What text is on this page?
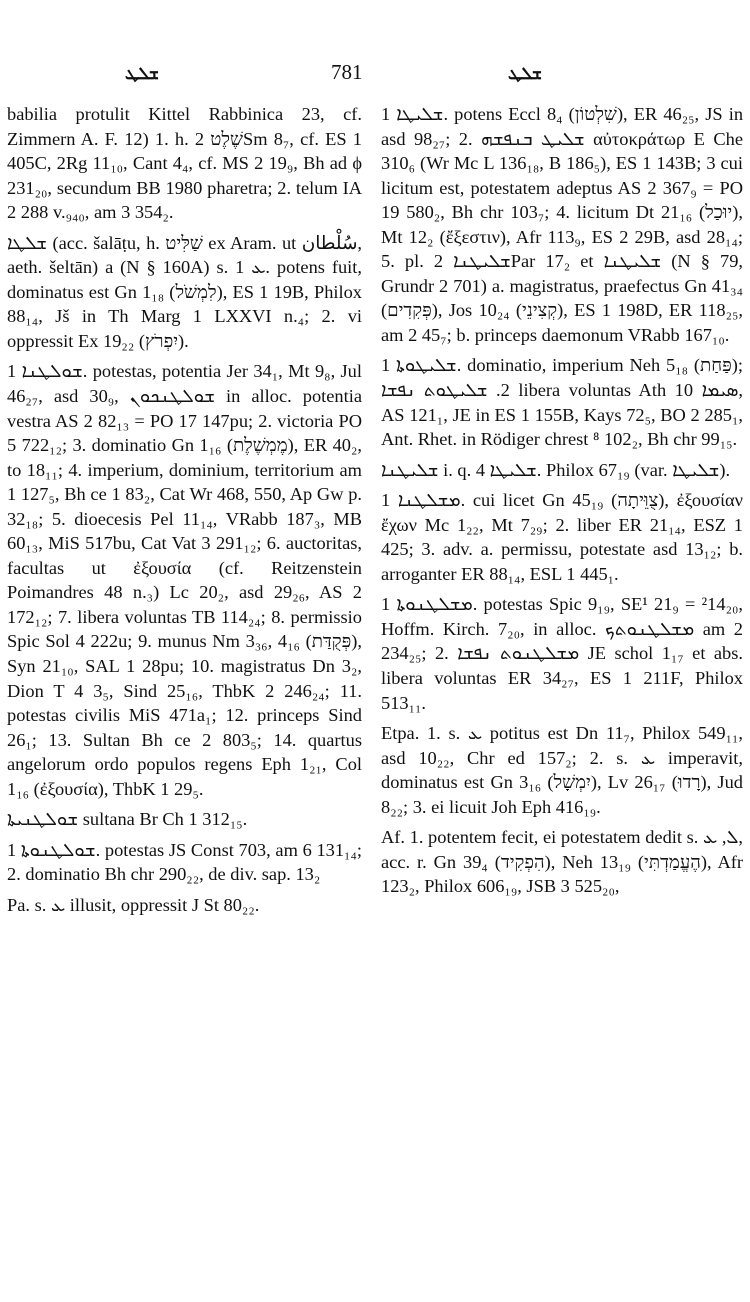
ܫܠܛ	781	ܫܠܛ

babilia protulit Kittel Rabbinica 23, cf. Zimmern A. F. 12) 1. h. שֶׁלֶט 2Sm 8₇, cf. ES 1 405C, 2Rg 11₁₀, Cant 4₄, cf. MS 2 19₉, Bh ad ϕ 231₂₀, secundum BB 1980 pharetra; 2. telum IA 2 288 v.₉₄₀, am 3 354₂.

ܫܠܛܐ (acc. šalāṭu, h. שַׁלִּיט ex Aram. ut سُلْطان, aeth. šeltān) a (N § 160A) s. ܥ 1. potens fuit, dominatus est Gn 1₁₈ (לִמְשֹׁל), ES 1 19B, Philox 88₁₄, Jš in Th Marg 1 LXXVI n.₄; 2. vi oppressit Ex 19₂₂ (יִפְרֹץ).

ܫܘܠܛܢܐ 1. potestas, potentia Jer 34₁, Mt 9₈, Jul 46₂₇, asd 30₉, ܫܘܠܛܢܟܘܢ in alloc. potentia vestra AS 2 82₁₃ = PO 17 147pu; 2. victoria PO 5 722₁₂; 3. dominatio Gn 1₁₆ (מֶמְשֶׁלֶת), ER 40₂, to 18₁₁; 4. imperium, dominium, territorium am 1 127₅, Bh ce 1 83₂, Cat Wr 468, 550, Ap Gw p. 32₁₈; 5. dioecesis Pel 11₁₄, VRabb 187₃, MB 60₁₃, MiS 517bu, Cat Vat 3 291₁₂; 6. auctoritas, facultas ut ἐξουσία (cf. Reitzenstein Poimandres 48 n.₃) Lc 20₂, asd 29₂₆, AS 2 172₁₂; 7. libera voluntas TB 114₂₄; 8. permissio Spic Sol 4 222u; 9. munus Nm 3₃₆, 4₁₆ (פְּקֻדַּת), Syn 21₁₀, SAL 1 28pu; 10. magistratus Dn 3₂, Dion T 4 3₅, Sind 25₁₆, ThbK 2 246₂₄; 11. potestas civilis MiS 471a₁; 12. princeps Sind 26₁; 13. Sultan Bh ce 2 803₅; 14. quartus angelorum ordo populos regens Eph 1₂₁, Col 1₁₆ (ἐξουσία), ThbK 1 29₅.

ܫܘܠܛܢܝܬܐ sultana Br Ch 1 312₁₅.

ܫܘܠܛܢܘܬܐ 1. potestas JS Const 703, am 6 131₁₄; 2. dominatio Bh chr 290₂₂, de div. sap. 13₂

Pa. s. ܥ illusit, oppressit J St 80₂₂.

ܫܠܝܛܐ 1. potens Eccl 8₄ (שִׁלְטוֹן), ER 46₂₅, JS in asd 98₂₇; 2. ܫܠܝܛ ܒܢܦܫܗ αὐτοκράτωρ E Che 310₆ (Wr Mc L 136₁₈, B 186₅), ES 1 143B; 3 cui licitum est, potestatem adeptus AS 2 367₉ = PO 19 580₂, Bh chr 103₇; 4. licitum Dt 21₁₆ (יוּכַל), Mt 12₂ (ἔξεστιν), Afr 113₉, ES 2 29B, asd 28₁₄; 5. pl. ܫܠܝܛܢܐ 2Par 17₂ et ܫܠܝܛܢܐ (N § 79, Grundr 2 701) a. magistratus, praefectus Gn 41₃₄ (פְּקִדִים), Jos 10₂₄ (קְצִינֵי), ES 1 198D, ER 118₂₅, am 2 45₇; b. princeps daemonum VRabb 167₁₀.

ܫܠܝܛܘܬܐ 1. dominatio, imperium Neh 5₁₈ (פַּחַת); 2. ܫܠܝܛܘܬ ܢܦܫܐ libera voluntas Ath ܣܝܡܐ 10, AS 121₁, JE in ES 1 155B, Kays 72₅, BO 2 285₁, Ant. Rhet. in Rödiger chrest ⁸ 102₂, Bh chr 99₁₅.

ܫܠܝܛܢܐ i. q. ܫܠܝܛܐ 4. Philox 67₁₉ (var. ܫܠܝܛܐ).

ܡܫܠܛܢܐ 1. cui licet Gn 45₁₉ (צֻוֵּיתָה), ἐξουσίαν ἔχων Mc 1₂₂, Mt 7₂₉; 2. liber ER 21₁₄, ESZ 1 425; 3. adv. a. permissu, potestate asd 13₁₂; b. arroganter ER 88₁₄, ESL 1 445₁.

ܡܫܠܛܢܘܬܐ 1. potestas Spic 9₁₉, SE¹ 21₉ = ²14₂₀, Hoffm. Kirch. 7₂₀, in alloc. ܡܫܠܛܢܘܬܟ am 2 234₂₅; 2. ܡܫܠܛܢܘܬ ܢܦܫܐ JE schol 1₁₇ et abs. libera voluntas ER 34₂₇, ES 1 211F, Philox 513₁₁.

Etpa. 1. s. ܥ potitus est Dn 11₇, Philox 549₁₁, asd 10₂₂, Chr ed 157₂; 2. s. ܥ imperavit, dominatus est Gn 3₁₆ (יִמְשָׁל), Lv 26₁₇ (רָדוּ), Jud 8₂₂; 3. ei licuit Joh Eph 416₁₉.

Af. 1. potentem fecit, ei potestatem dedit s. ܠ, ܥ, acc. r. Gn 39₄ (הִפְקִיד), Neh 13₁₉ (הֶעֱמַדְתִּי), Afr 123₂, Philox 606₁₉, JSB 3 525₂₀,
